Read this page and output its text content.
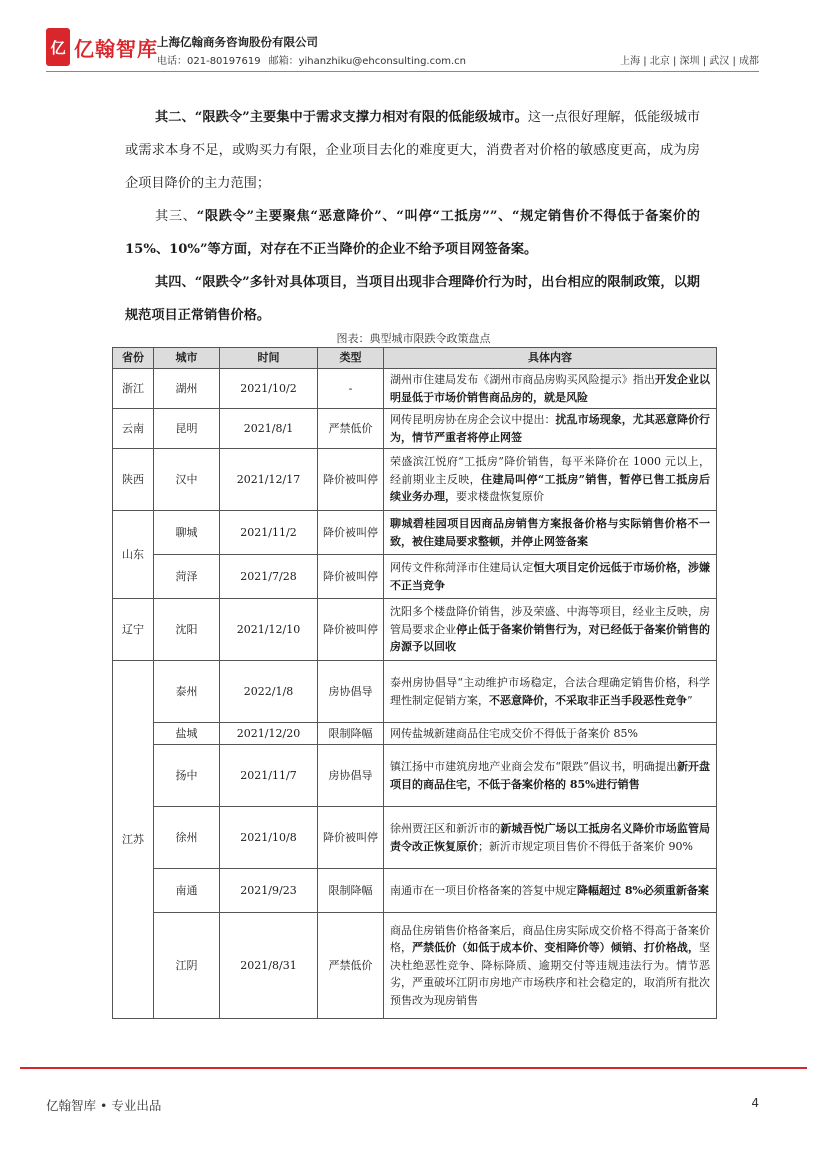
亿 亿翰智库 上海亿翰商务咨询股份有限公司
电话：021-80197619 邮箱：yihanzhiku@ehconsulting.com.cn	上海 | 北京 | 深圳 | 武汉 | 成都

其二、“限跌令”主要集中于需求支撑力相对有限的低能级城市。这一点很好理解，低能级城市或需求本身不足，或购买力有限，企业项目去化的难度更大，消费者对价格的敏感度更高，成为房企项目降价的主力范围；

其三、“限跌令”主要聚焦“恶意降价”、“叫停“工抵房””、“规定销售价不得低于备案价的 15%、10%”等方面，对存在不正当降价的企业不给予项目网签备案。

其四、“限跌令”多针对具体项目，当项目出现非合理降价行为时，出台相应的限制政策，以期规范项目正常销售价格。

图表：典型城市限跌令政策盘点
省份	城市	时间	类型	具体内容
浙江	湖州	2021/10/2	-	湖州市住建局发布《湖州市商品房购买风险提示》指出开发企业以明显低于市场价销售商品房的，就是风险
云南	昆明	2021/8/1	严禁低价	网传昆明房协在房企会议中提出：扰乱市场现象，尤其恶意降价行为，情节严重者将停止网签
陕西	汉中	2021/12/17	降价被叫停	荣盛滨江悦府“工抵房”降价销售，每平米降价在 1000 元以上，经前期业主反映，住建局叫停“工抵房”销售，暂停已售工抵房后续业务办理，要求楼盘恢复原价
山东	聊城	2021/11/2	降价被叫停	聊城碧桂园项目因商品房销售方案报备价格与实际销售价格不一致，被住建局要求整顿，并停止网签备案
	菏泽	2021/7/28	降价被叫停	网传文件称菏泽市住建局认定恒大项目定价远低于市场价格，涉嫌不正当竞争
辽宁	沈阳	2021/12/10	降价被叫停	沈阳多个楼盘降价销售，涉及荣盛、中海等项目，经业主反映，房管局要求企业停止低于备案价销售行为，对已经低于备案价销售的房源予以回收
江苏	泰州	2022/1/8	房协倡导	泰州房协倡导“主动维护市场稳定，合法合理确定销售价格，科学理性制定促销方案，不恶意降价，不采取非正当手段恶性竞争”
	盐城	2021/12/20	限制降幅	网传盐城新建商品住宅成交价不得低于备案价 85%
	扬中	2021/11/7	房协倡导	镇江扬中市建筑房地产业商会发布“限跌”倡议书，明确提出新开盘项目的商品住宅，不低于备案价格的 85%进行销售
	徐州	2021/10/8	降价被叫停	徐州贾汪区和新沂市的新城吾悦广场以工抵房名义降价市场监管局责令改正恢复原价；新沂市规定项目售价不得低于备案价 90%
	南通	2021/9/23	限制降幅	南通市在一项目价格备案的答复中规定降幅超过 8%必须重新备案
	江阴	2021/8/31	严禁低价	商品住房销售价格备案后，商品住房实际成交价格不得高于备案价格，严禁低价（如低于成本价、变相降价等）倾销、打价格战，坚决杜绝恶性竞争、降标降质、逾期交付等违规违法行为。情节恶劣，严重破坏江阴市房地产市场秩序和社会稳定的，取消所有批次预售改为现房销售
亿翰智库 • 专业出品	4
